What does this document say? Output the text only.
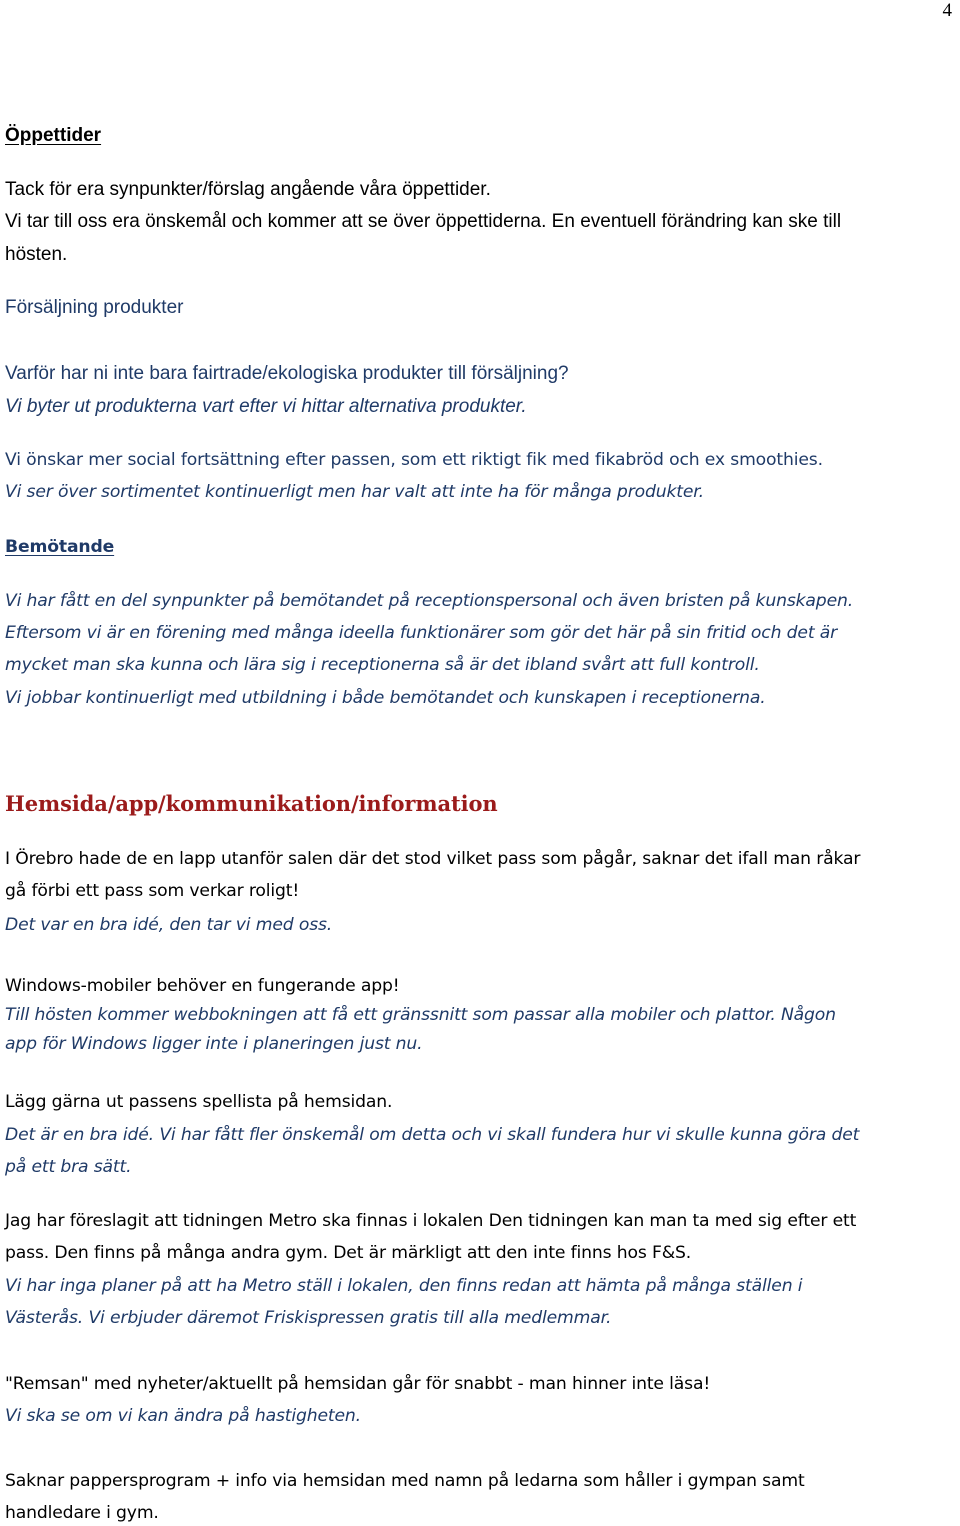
4
Öppettider
Tack för era synpunkter/förslag angående våra öppettider.
Vi tar till oss era önskemål och kommer att se över öppettiderna. En eventuell förändring kan ske till
hösten.
Försäljning produkter
Varför har ni inte bara fairtrade/ekologiska produkter till försäljning?
Vi byter ut produkterna vart efter vi hittar alternativa produkter.
Vi önskar mer social fortsättning efter passen, som ett riktigt fik med fikabröd och ex smoothies.
Vi ser över sortimentet kontinuerligt men har valt att inte ha för många produkter.
Bemötande
Vi har fått en del synpunkter på bemötandet på receptionspersonal och även bristen på kunskapen.
Eftersom vi är en förening med många ideella funktionärer som gör det här på sin fritid och det är
mycket man ska kunna och lära sig i receptionerna så är det ibland svårt att full kontroll.
Vi jobbar kontinuerligt med utbildning i både bemötandet och kunskapen i receptionerna.
Hemsida/app/kommunikation/information
I Örebro hade de en lapp utanför salen där det stod vilket pass som pågår, saknar det ifall man råkar
gå förbi ett pass som verkar roligt!
Det var en bra idé, den tar vi med oss.
Windows-mobiler behöver en fungerande app!
Till hösten kommer webbokningen att få ett gränssnitt som passar alla mobiler och plattor. Någon
app för Windows ligger inte i planeringen just nu.
Lägg gärna ut passens spellista på hemsidan.
Det är en bra idé. Vi har fått fler önskemål om detta och vi skall fundera hur vi skulle kunna göra det
på ett bra sätt.
Jag har föreslagit att tidningen Metro ska finnas i lokalen Den tidningen kan man ta med sig efter ett
pass. Den finns på många andra gym. Det är märkligt att den inte finns hos F&S.
Vi har inga planer på att ha Metro ställ i lokalen, den finns redan att hämta på många ställen i
Västerås. Vi erbjuder däremot Friskispressen gratis till alla medlemmar.
"Remsan" med nyheter/aktuellt på hemsidan går för snabbt - man hinner inte läsa!
Vi ska se om vi kan ändra på hastigheten.
Saknar pappersprogram + info via hemsidan med namn på ledarna som håller i gympan samt
handledare i gym.
